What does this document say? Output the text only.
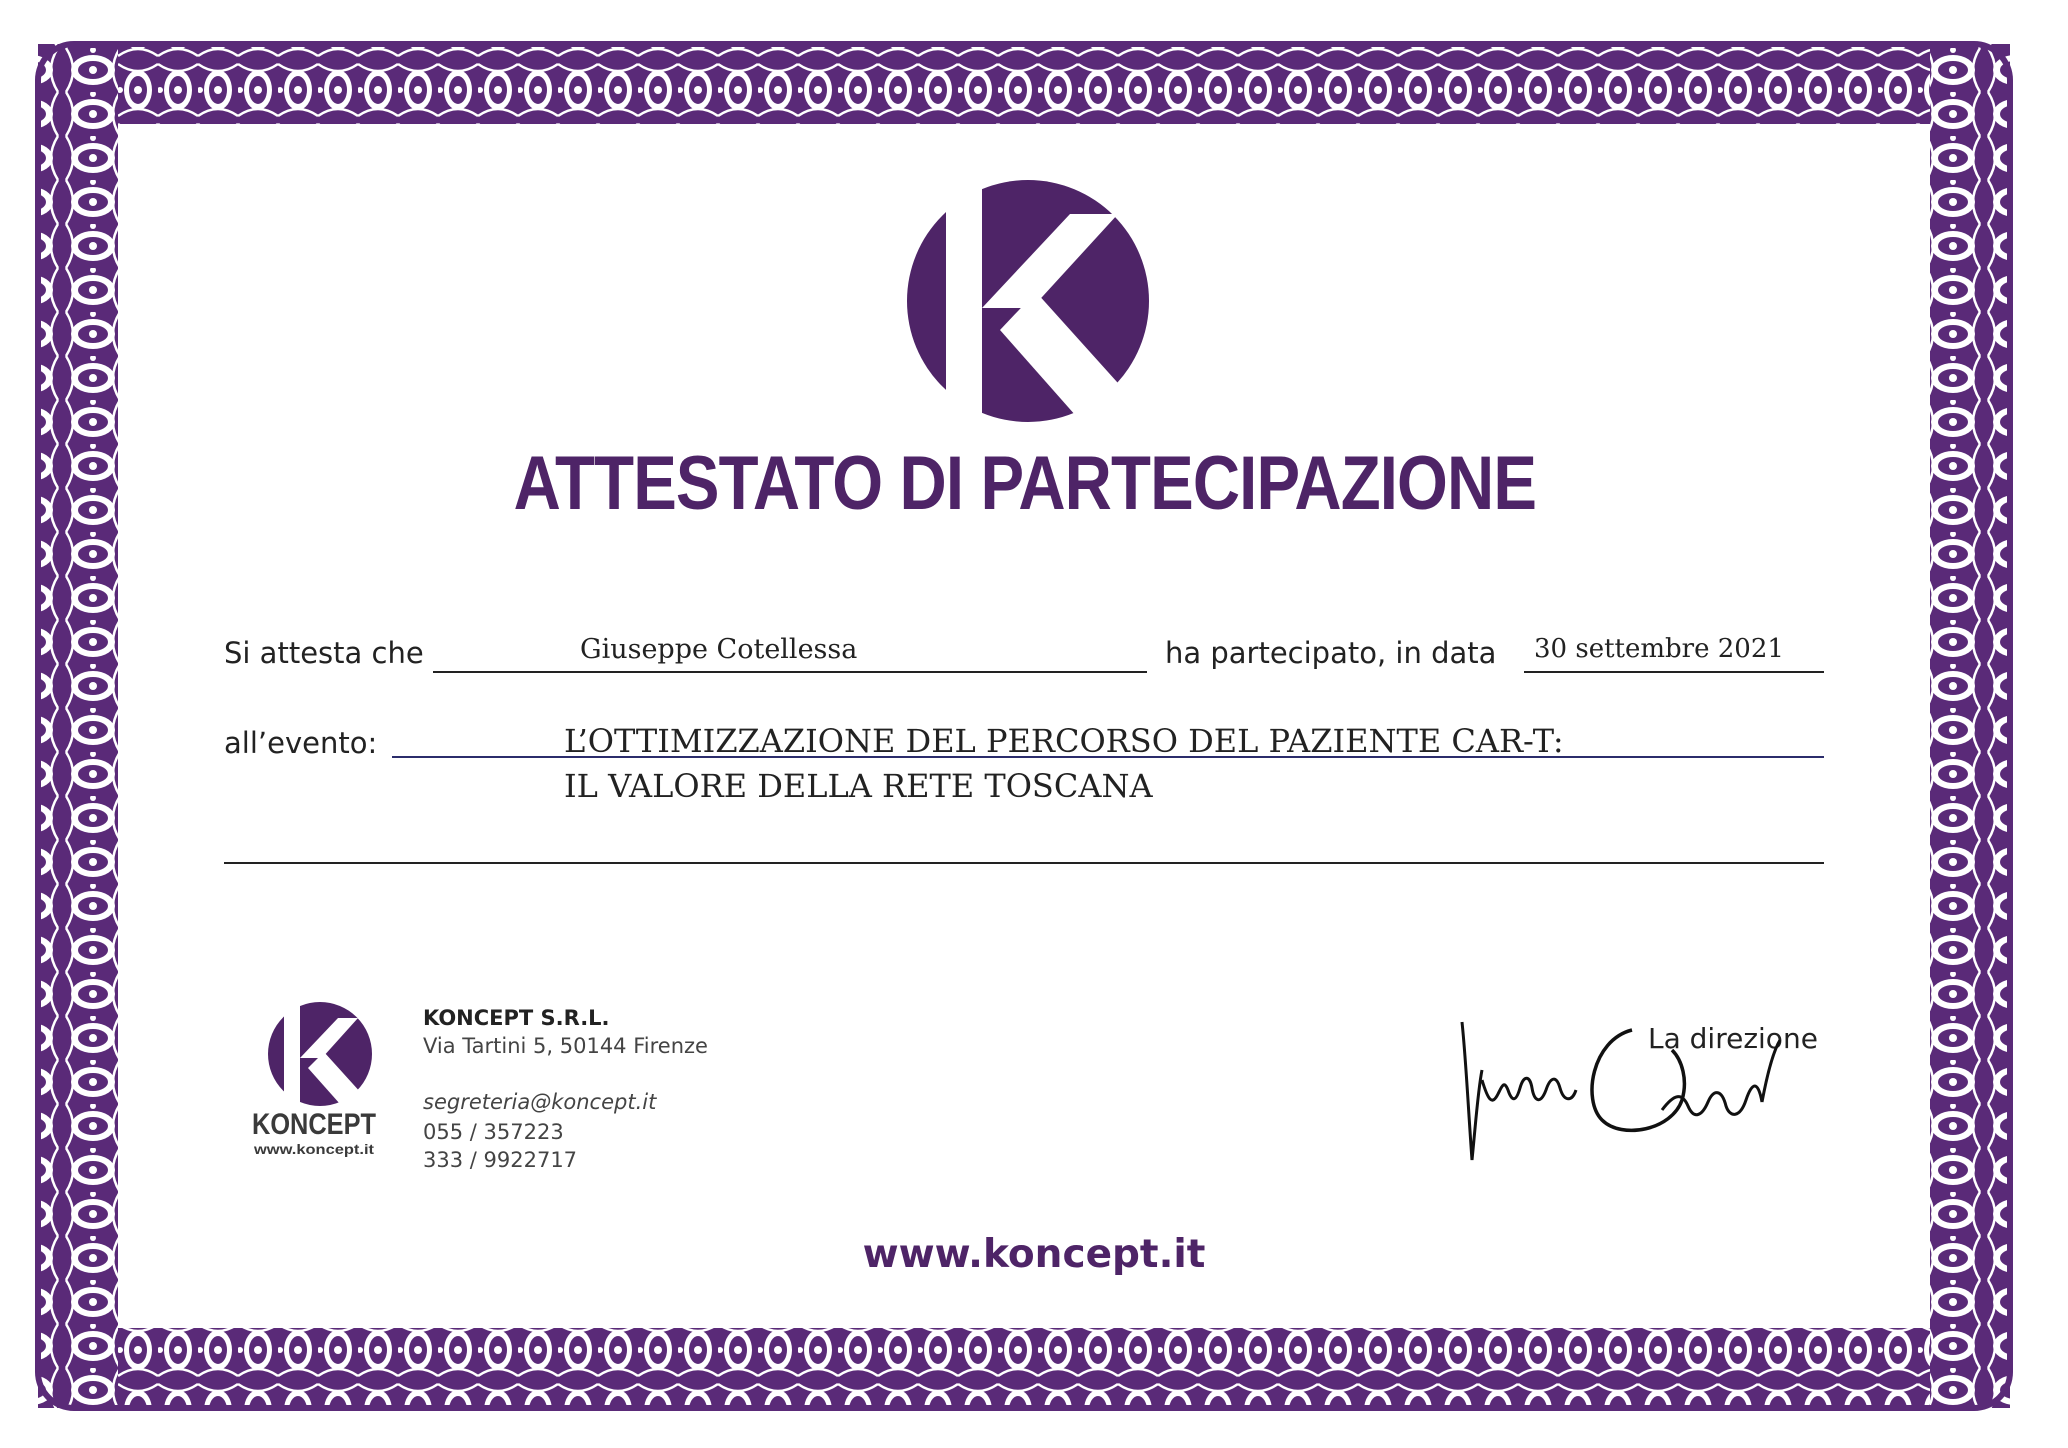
ATTESTATO DI PARTECIPAZIONE
Si attesta che	Giuseppe Cotellessa	ha partecipato, in data 30 settembre 2021
all’evento:	L’OTTIMIZZAZIONE DEL PERCORSO DEL PAZIENTE CAR-T:
IL VALORE DELLA RETE TOSCANA
KONCEPT
www.koncept.it
KONCEPT S.R.L.
Via Tartini 5, 50144 Firenze
segreteria@koncept.it
055 / 357223
333 / 9922717
La direzione
www.koncept.it
